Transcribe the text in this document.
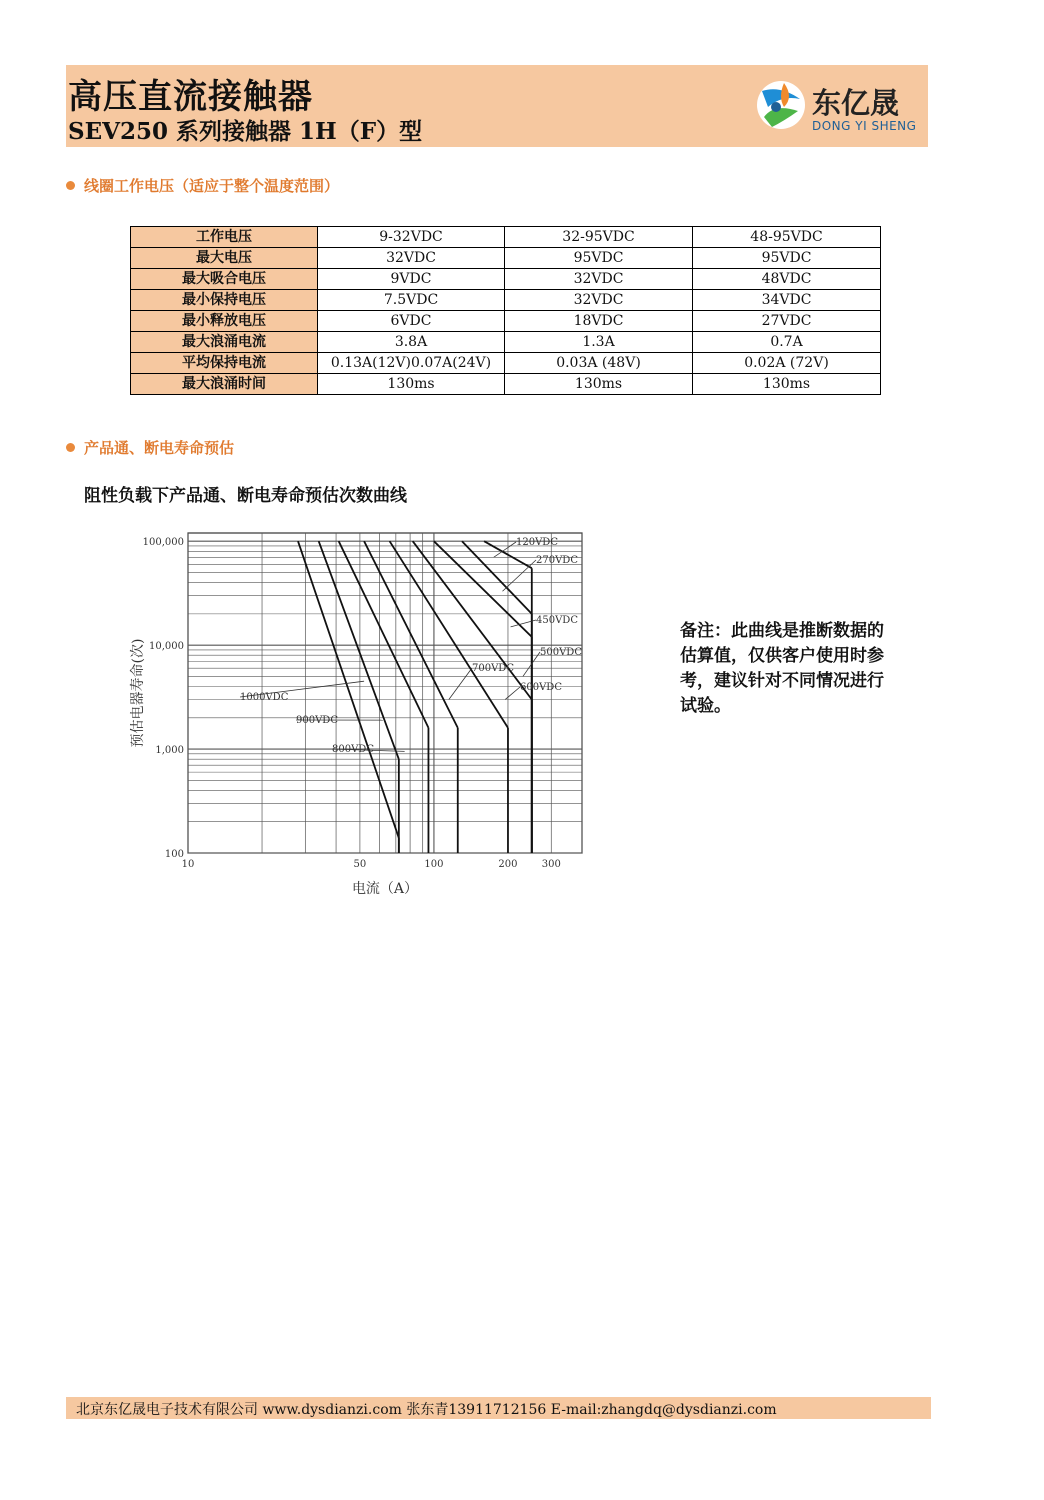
高压直流接触器
SEV250 系列接触器 1H（F）型
东亿晟
DONG YI SHENG
线圈工作电压（适应于整个温度范围）
工作电压	9-32VDC	32-95VDC	48-95VDC
最大电压	32VDC	95VDC	95VDC
最大吸合电压	9VDC	32VDC	48VDC
最小保持电压	7.5VDC	32VDC	34VDC
最小释放电压	6VDC	18VDC	27VDC
最大浪涌电流	3.8A	1.3A	0.7A
平均保持电流	0.13A(12V)0.07A(24V)	0.03A (48V)	0.02A (72V)
最大浪涌时间	130ms	130ms	130ms
产品通、断电寿命预估
阻性负载下产品通、断电寿命预估次数曲线
1000VDC
900VDC
800VDC
700VDC
600VDC
500VDC
450VDC
270VDC
120VDC
10	50	100	200 300
100
1,000
10,000
100,000
电流（A）
预估电器寿命(次)
备注：此曲线是推断数据的估算值，仅供客户使用时参考，建议针对不同情况进行试验。
北京东亿晟电子技术有限公司 www.dysdianzi.com 张东青13911712156 E-mail:zhangdq@dysdianzi.com
